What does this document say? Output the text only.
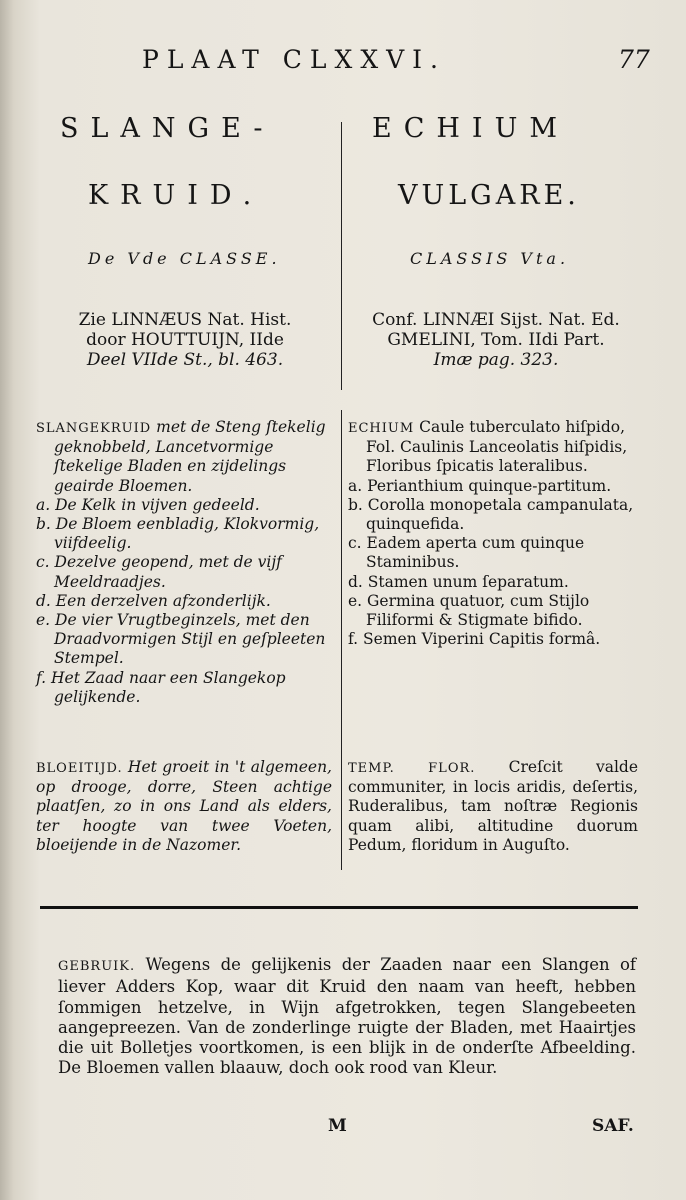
PLAAT CLXXVI.	77
SLANGE-
KRUID.
De Vde CLASSE.
ECHIUM
VULGARE.
CLASSIS Vta.
Zie LINNÆUS Nat. Hist.
door HOUTTUIJN, IIde
Deel VIIde St., bl. 463.
Conf. LINNÆI Sijst. Nat. Ed.
GMELINI, Tom. IIdi Part.
Imæ pag. 323.

SLANGEKRUID met de Steng ſtekelig geknobbeld, Lancetvormige ſtekelige Bladen en zijdelings geairde Bloemen.

a. De Kelk in vijven gedeeld.

b. De Bloem eenbladig, Klokvormig, viifdeelig.

c. Dezelve geopend, met de vijf Meeldraadjes.

d. Een derzelven afzonderlijk.

e. De vier Vrugtbeginzels, met den Draadvormigen Stijl en geſpleeten Stempel.

f. Het Zaad naar een Slangekop gelijkende.

ECHIUM Caule tuberculato hiſpido, Fol. Caulinis Lanceolatis hiſpidis, Floribus ſpicatis lateralibus.

a. Perianthium quinque-partitum.

b. Corolla monopetala campanulata, quinquefida.

c. Eadem aperta cum quinque Staminibus.

d. Stamen unum ſeparatum.

e. Germina quatuor, cum Stijlo Filiformi & Stigmate bifido.

f. Semen Viperini Capitis formâ.

BLOEITIJD. Het groeit in 't algemeen, op drooge, dorre, Steen achtige plaatſen, zo in ons Land als elders, ter hoogte van twee Voeten, bloeijende in de Nazomer.
TEMP. FLOR. Creſcit valde communiter, in locis aridis, deſertis, Ruderalibus, tam noſtræ Regionis quam alibi, altitudine duorum Pedum, floridum in Auguſto.
GEBRUIK. Wegens de gelijkenis der Zaaden naar een Slangen of liever Adders Kop, waar dit Kruid den naam van heeft, hebben ſommigen hetzelve, in Wijn afgetrokken, tegen Slangebeeten aangepreezen. Van de zonderlinge ruigte der Bladen, met Haairtjes die uit Bolletjes voortkomen, is een blijk in de onderſte Afbeelding. De Bloemen vallen blaauw, doch ook rood van Kleur.
M	SAF.
